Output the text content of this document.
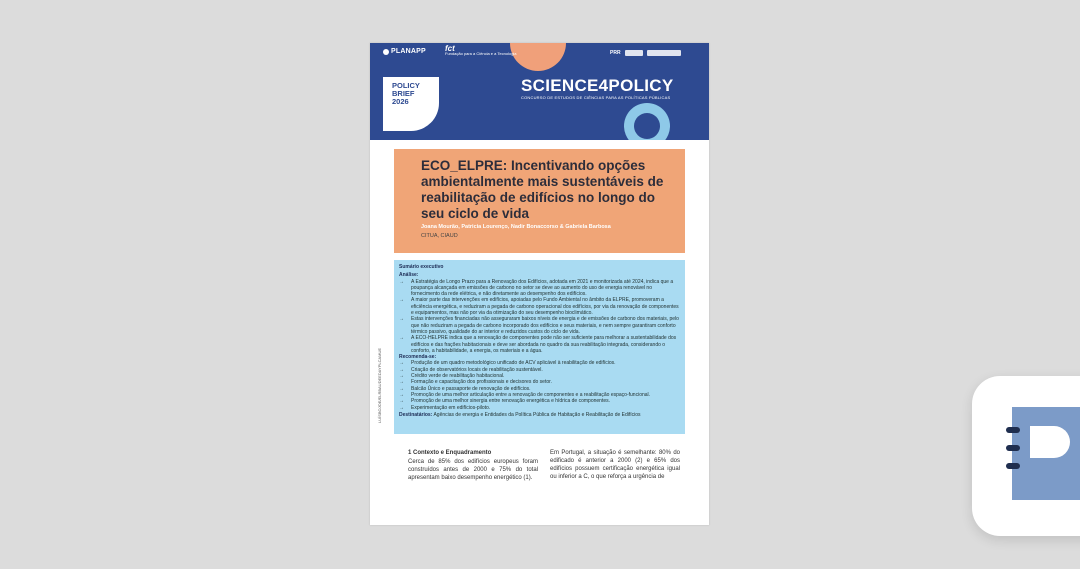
PLANAPP fct
Fundação para a Ciência e a Tecnologia	PRR
POLICY
BRIEF
2026
SCIENCE4POLICY
CONCURSO DE ESTUDOS DE CIÊNCIAS PARA AS POLÍTICAS PÚBLICAS
LUÍSBOJOE/ELRBAUDEEDAYPLCAMUE
ECO_ELPRE: Incentivando opções ambientalmente mais sustentáveis de reabilitação de edifícios no longo do seu ciclo de vida
Joana Mourão, Patricia Lourenço, Nadir Bonaccorso & Gabriela Barbosa
CITUA, CIAUD
Sumário executivo
Análise:
→ A Estratégia de Longo Prazo para a Renovação dos Edifícios, adotada em 2021 e monitorizada até 2024, indica que a poupança alcançada em emissões de carbono no setor se deve ao aumento do uso de energia renovável no fornecimento da rede elétrica, e não diretamente ao desempenho dos edifícios.
→ A maior parte das intervenções em edifícios, apoiadas pelo Fundo Ambiental no âmbito da ELPRE, promoveram a eficiência energética, e reduziram a pegada de carbono operacional dos edifícios, por via da renovação de componentes e equipamentos, mas não por via da otimização do seu desempenho bioclimático.
→ Estas intervenções financiadas não asseguraram baixos níveis de energia e de emissões de carbono dos materiais, pelo que não reduziram a pegada de carbono incorporado dos edifícios e seus materiais, e nem sempre garantiram conforto térmico passivo, qualidade do ar interior e reduzidos custos do ciclo de vida.
→ A ECO-HELPRE indica que a renovação de componentes pode não ser suficiente para melhorar a sustentabilidade dos edifícios e das frações habitacionais e deve ser abordada no quadro da sua reabilitação integrada, considerando o conforto, a habitabilidade, a energia, os materiais e a água.
Recomenda-se:
→ Produção de um quadro metodológico unificado de ACV aplicável à reabilitação de edifícios.
→ Criação de observatórios locais de reabilitação sustentável.
→ Crédito verde de reabilitação habitacional.
→ Formação e capacitação dos profissionais e decisores do setor.
→ Balcão Único e passaporte de renovação de edifícios.
→ Promoção de uma melhor articulação entre a renovação de componentes e a reabilitação espaço-funcional.
→ Promoção de uma melhor sinergia entre renovação energética e hídrica de componentes.
→ Experimentação em edifícios-piloto.
Destinatários: Agências de energia e Entidades da Política Pública de Habitação e Reabilitação de Edifícios
1 Contexto e Enquadramento
Cerca de 85% dos edifícios europeus foram construídos antes de 2000 e 75% do total apresentam baixo desempenho energético (1).
Em Portugal, a situação é semelhante: 80% do edificado é anterior a 2000 (2) e 65% dos edifícios possuem certificação energética igual ou inferior a C, o que reforça a urgência de
